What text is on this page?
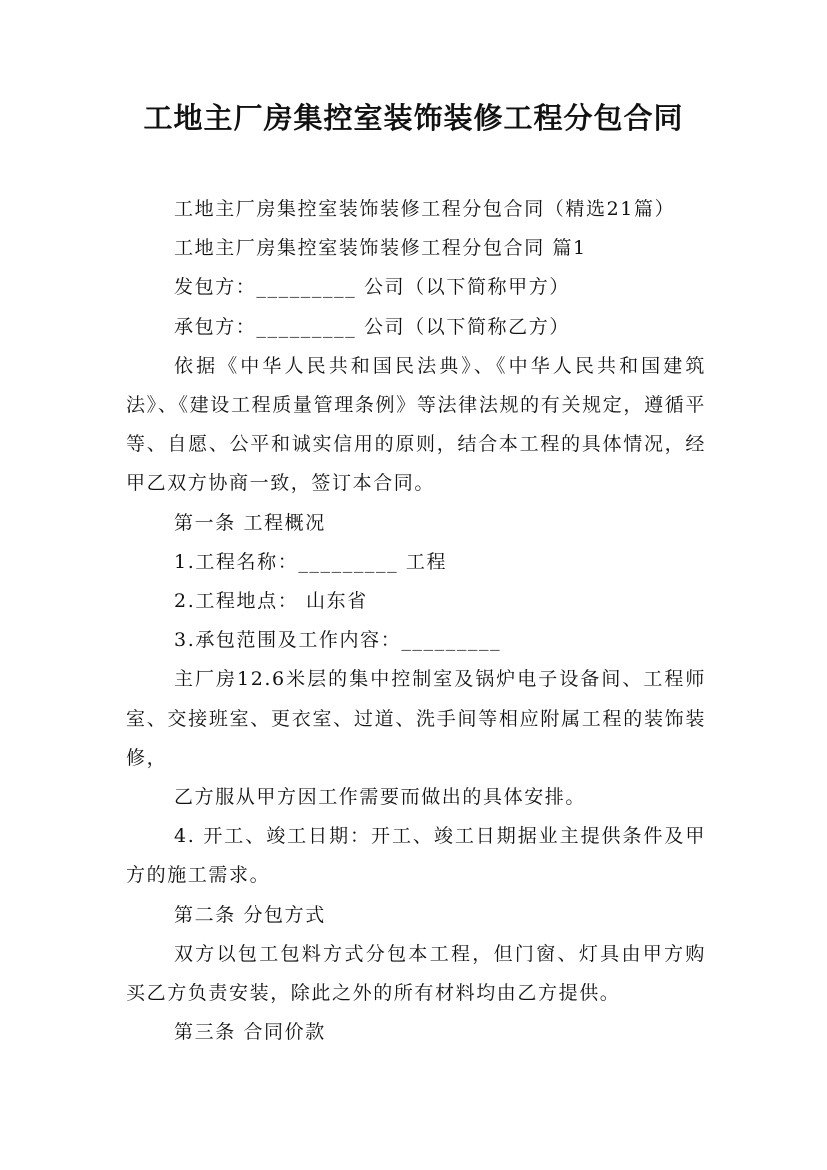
工地主厂房集控室装饰装修工程分包合同

工地主厂房集控室装饰装修工程分包合同（精选21篇）

工地主厂房集控室装饰装修工程分包合同 篇1

发包方：_________ 公司（以下简称甲方）

承包方：_________ 公司（以下简称乙方）

依据《中华人民共和国民法典》、《中华人民共和国建筑法》、《建设工程质量管理条例》等法律法规的有关规定，遵循平等、自愿、公平和诚实信用的原则，结合本工程的具体情况，经甲乙双方协商一致，签订本合同。

第一条 工程概况

1.工程名称：_________ 工程

2.工程地点： 山东省

3.承包范围及工作内容：_________

主厂房12.6米层的集中控制室及锅炉电子设备间、工程师室、交接班室、更衣室、过道、洗手间等相应附属工程的装饰装修，

乙方服从甲方因工作需要而做出的具体安排。

4. 开工、竣工日期：开工、竣工日期据业主提供条件及甲方的施工需求。

第二条 分包方式

双方以包工包料方式分包本工程，但门窗、灯具由甲方购买乙方负责安装，除此之外的所有材料均由乙方提供。

第三条 合同价款
